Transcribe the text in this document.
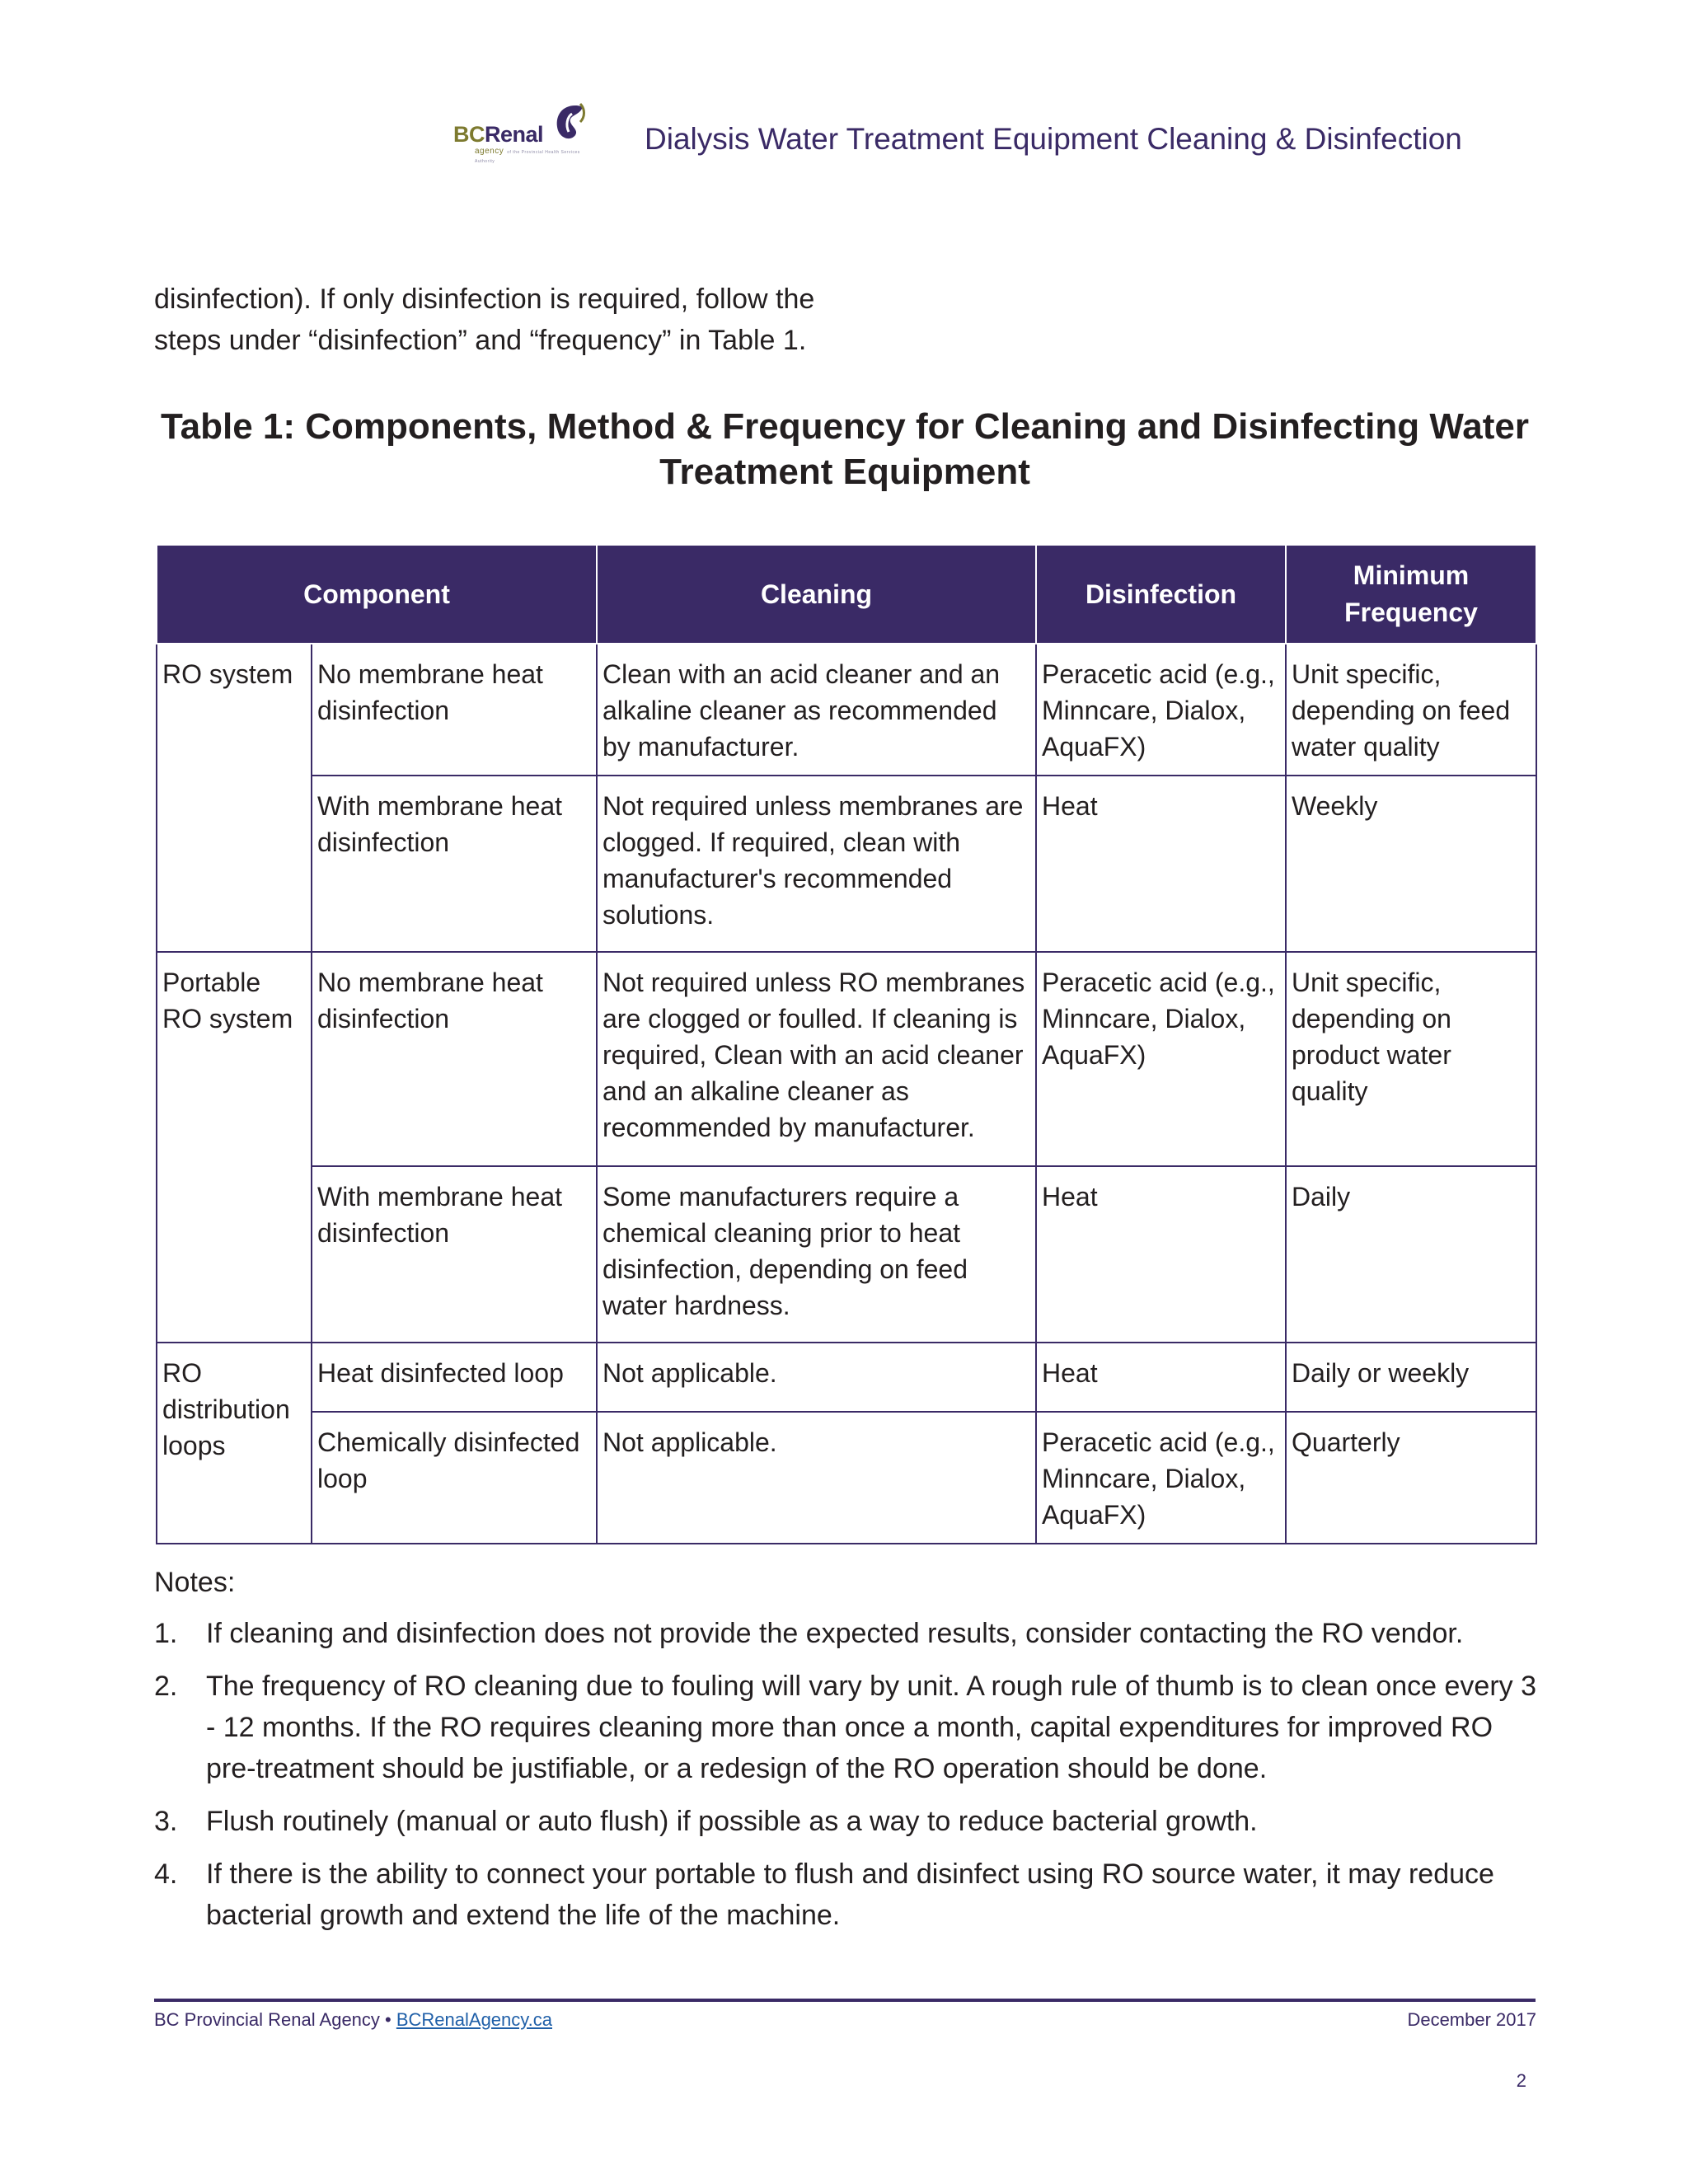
BCRenal
agency of the Provincial Health Services Authority
Dialysis Water Treatment Equipment Cleaning & Disinfection
disinfection). If only disinfection is required, follow the
steps under “disinfection” and “frequency” in Table 1.
Table 1: Components, Method & Frequency for Cleaning and Disinfecting Water Treatment Equipment
Component		Cleaning	Disinfection	Minimum Frequency
RO system	No membrane heat disinfection	Clean with an acid cleaner and an alkaline cleaner as recommended by manufacturer.	Peracetic acid (e.g., Minncare, Dialox, AquaFX)	Unit specific, depending on feed water quality
	With membrane heat disinfection	Not required unless membranes are clogged. If required, clean with manufacturer's recommended solutions.	Heat	Weekly
Portable RO system	No membrane heat disinfection	Not required unless RO membranes are clogged or foulled. If cleaning is required, Clean with an acid cleaner and an alkaline cleaner as recommended by manufacturer.	Peracetic acid (e.g., Minncare, Dialox, AquaFX)	Unit specific, depending on product water quality
	With membrane heat disinfection	Some manufacturers require a chemical cleaning prior to heat disinfection, depending on feed water hardness.	Heat	Daily
RO distribution loops	Heat disinfected loop	Not applicable.	Heat	Daily or weekly
	Chemically disinfected loop	Not applicable.	Peracetic acid (e.g., Minncare, Dialox, AquaFX)	Quarterly
Notes:
1. If cleaning and disinfection does not provide the expected results, consider contacting the RO vendor.
2. The frequency of RO cleaning due to fouling will vary by unit. A rough rule of thumb is to clean once every 3 - 12 months. If the RO requires cleaning more than once a month, capital expenditures for improved RO pre-treatment should be justifiable, or a redesign of the RO operation should be done.
3. Flush routinely (manual or auto flush) if possible as a way to reduce bacterial growth.
4. If there is the ability to connect your portable to flush and disinfect using RO source water, it may reduce bacterial growth and extend the life of the machine.
BC Provincial Renal Agency • BCRenalAgency.ca	December 2017
2
